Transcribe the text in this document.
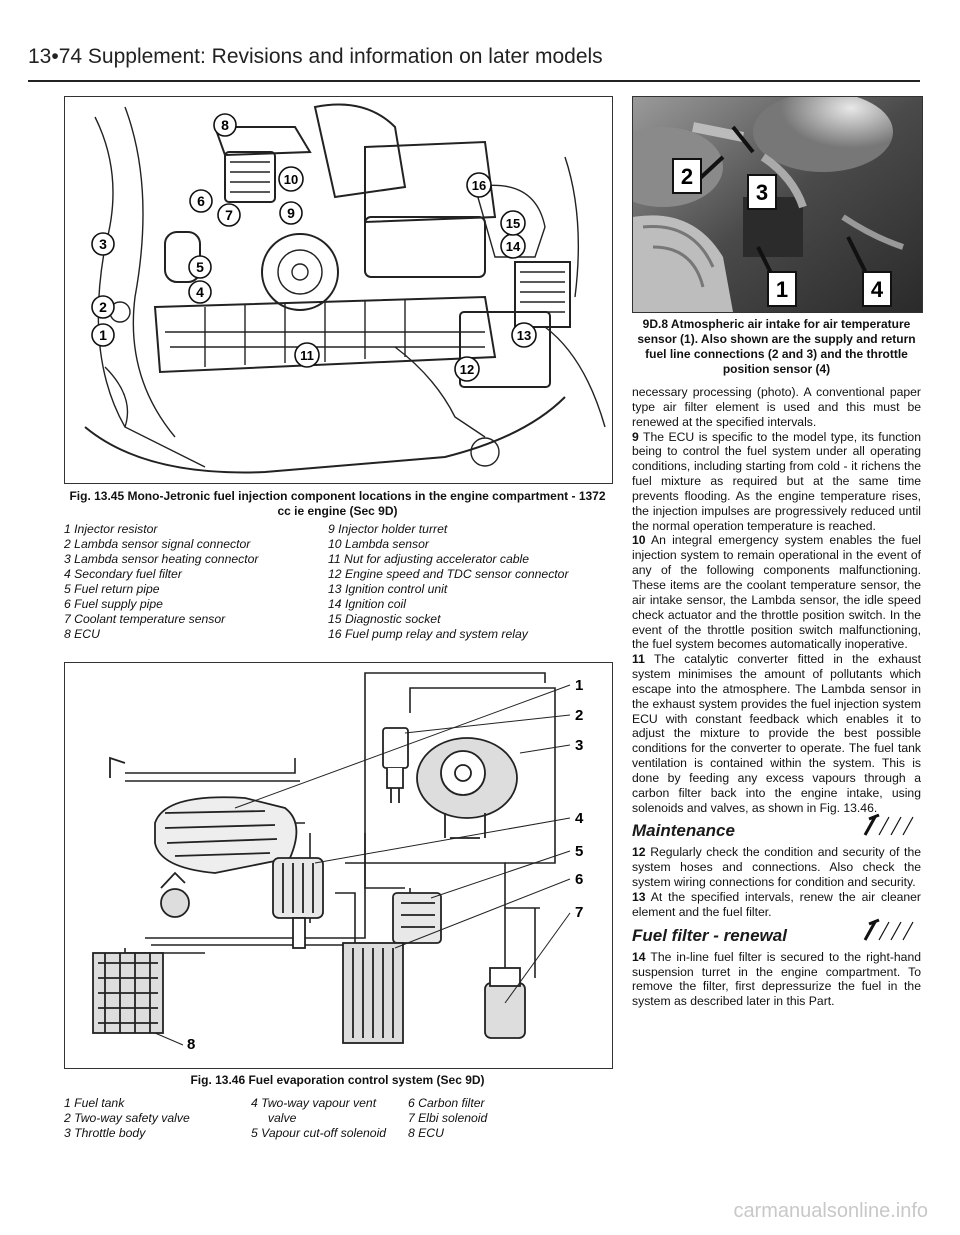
13•74 Supplement: Revisions and information on later models
1
2
3
4
5
6
7
8
9
10
11
12
13
14
15
16
Fig. 13.45 Mono-Jetronic fuel injection component locations in the engine compartment - 1372 cc ie engine (Sec 9D)
1 Injector resistor
2 Lambda sensor signal connector
3 Lambda sensor heating connector
4 Secondary fuel filter
5 Fuel return pipe
6 Fuel supply pipe
7 Coolant temperature sensor
8 ECU
9 Injector holder turret
10 Lambda sensor
11 Nut for adjusting accelerator cable
12 Engine speed and TDC sensor connector
13 Ignition control unit
14 Ignition coil
15 Diagnostic socket
16 Fuel pump relay and system relay
1
2
3
4
5
6
7
8
Fig. 13.46 Fuel evaporation control system (Sec 9D)
1 Fuel tank	4 Two-way vapour vent	6 Carbon filter
2 Two-way safety valve	valve	7 Elbi solenoid
3 Throttle body	5 Vapour cut-off solenoid 8 ECU
2
3
1	4
9D.8 Atmospheric air intake for air temperature sensor (1). Also shown are the supply and return fuel line connections (2 and 3) and the throttle position sensor (4)

necessary processing (photo). A conventional paper type air filter element is used and this must be renewed at the specified intervals.

9 The ECU is specific to the model type, its function being to control the fuel system under all operating conditions, including starting from cold - it richens the fuel mixture as required but at the same time prevents flooding. As the engine temperature rises, the injection impulses are progressively reduced until the normal operation temperature is reached.

10 An integral emergency system enables the fuel injection system to remain operational in the event of any of the following components malfunctioning. These items are the coolant temperature sensor, the air intake sensor, the Lambda sensor, the idle speed check actuator and the throttle position switch. In the event of the throttle position switch malfunctioning, the fuel system becomes automatically inoperative.

11 The catalytic converter fitted in the exhaust system minimises the amount of pollutants which escape into the atmosphere. The Lambda sensor in the exhaust system provides the fuel injection system ECU with constant feedback which enables it to adjust the mixture to provide the best possible conditions for the converter to operate. The fuel tank ventilation is contained within the system. This is done by feeding any excess vapours through a carbon filter back into the engine intake, using solenoids and valves, as shown in Fig. 13.46.

Maintenance

12 Regularly check the condition and security of the system hoses and connections. Also check the system wiring connections for condition and security.

13 At the specified intervals, renew the air cleaner element and the fuel filter.

Fuel filter - renewal

14 The in-line fuel filter is secured to the right-hand suspension turret in the engine compartment. To remove the filter, first depressurize the fuel in the system as described later in this Part.

carmanualsonline.info
